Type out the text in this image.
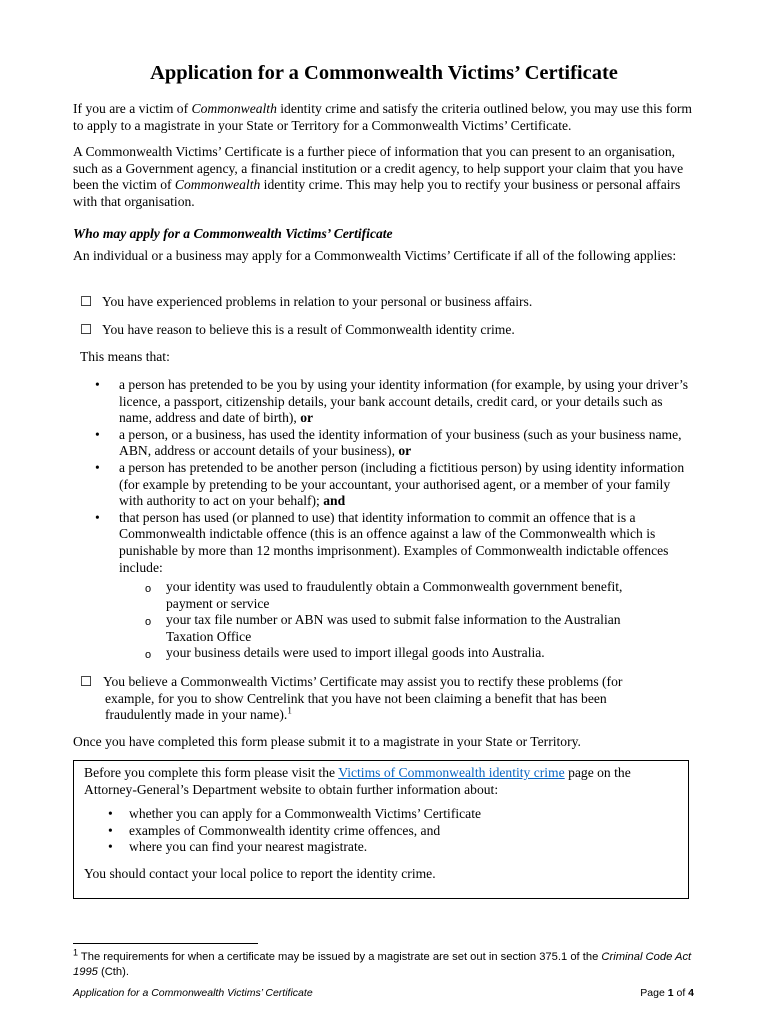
Application for a Commonwealth Victims’ Certificate
If you are a victim of Commonwealth identity crime and satisfy the criteria outlined below, you may use this form to apply to a magistrate in your State or Territory for a Commonwealth Victims’ Certificate.
A Commonwealth Victims’ Certificate is a further piece of information that you can present to an organisation, such as a Government agency, a financial institution or a credit agency, to help support your claim that you have been the victim of Commonwealth identity crime. This may help you to rectify your business or personal affairs with that organisation.
Who may apply for a Commonwealth Victims’ Certificate
An individual or a business may apply for a Commonwealth Victims’ Certificate if all of the following applies:
☐ You have experienced problems in relation to your personal or business affairs.
☐ You have reason to believe this is a result of Commonwealth identity crime.
This means that:
• a person has pretended to be you by using your identity information (for example, by using your driver’s licence, a passport, citizenship details, your bank account details, credit card, or your details such as name, address and date of birth), or
• a person, or a business, has used the identity information of your business (such as your business name, ABN, address or account details of your business), or
• a person has pretended to be another person (including a fictitious person) by using identity information (for example by pretending to be your accountant, your authorised agent, or a member of your family with authority to act on your behalf); and
• that person has used (or planned to use) that identity information to commit an offence that is a Commonwealth indictable offence (this is an offence against a law of the Commonwealth which is punishable by more than 12 months imprisonment). Examples of Commonwealth indictable offences include:
o your identity was used to fraudulently obtain a Commonwealth government benefit, payment or service
o your tax file number or ABN was used to submit false information to the Australian Taxation Office
o your business details were used to import illegal goods into Australia.
☐ You believe a Commonwealth Victims’ Certificate may assist you to rectify these problems (for
example, for you to show Centrelink that you have not been claiming a benefit that has been fraudulently made in your name).$^1$
Once you have completed this form please submit it to a magistrate in your State or Territory.
Before you complete this form please visit the Victims of Commonwealth identity crime page on the Attorney-General’s Department website to obtain further information about:
• whether you can apply for a Commonwealth Victims’ Certificate
• examples of Commonwealth identity crime offences, and
• where you can find your nearest magistrate.
You should contact your local police to report the identity crime.
$^1$ The requirements for when a certificate may be issued by a magistrate are set out in section 375.1 of the Criminal Code Act 1995 (Cth).
Application for a Commonwealth Victims’ Certificate	Page 1 of 4
